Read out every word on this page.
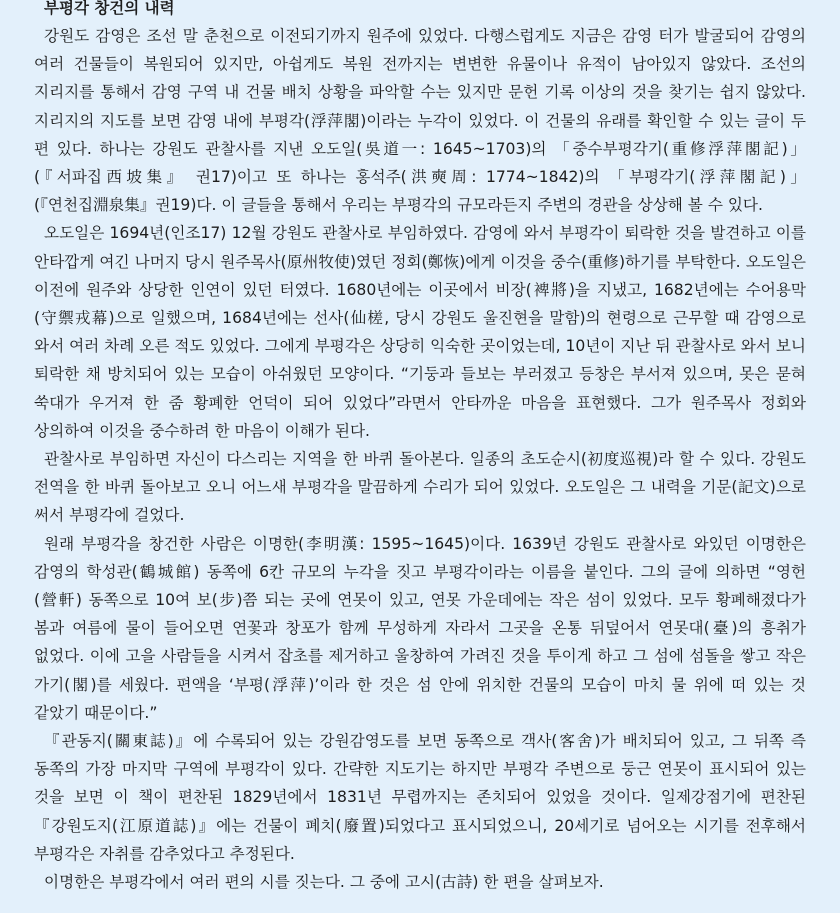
부평각 창건의 내력

강원도 감영은 조선 말 춘천으로 이전되기까지 원주에 있었다. 다행스럽게도 지금은 감영 터가 발굴되어 감영의 여러 건물들이 복원되어 있지만, 아쉽게도 복원 전까지는 변변한 유물이나 유적이 남아있지 않았다. 조선의 지리지를 통해서 감영 구역 내 건물 배치 상황을 파악할 수는 있지만 문헌 기록 이상의 것을 찾기는 쉽지 않았다. 지리지의 지도를 보면 감영 내에 부평각(浮萍閣)이라는 누각이 있었다. 이 건물의 유래를 확인할 수 있는 글이 두 편 있다. 하나는 강원도 관찰사를 지낸 오도일(吳道一: 1645~1703)의 「중수부평각기(重修浮萍閣記)」(『서파집西坡集』 권17)이고 또 하나는 홍석주(洪奭周: 1774~1842)의 「부평각기(浮萍閣記)」(『연천집淵泉集』권19)다. 이 글들을 통해서 우리는 부평각의 규모라든지 주변의 경관을 상상해 볼 수 있다.

오도일은 1694년(인조17) 12월 강원도 관찰사로 부임하였다. 감영에 와서 부평각이 퇴락한 것을 발견하고 이를 안타깝게 여긴 나머지 당시 원주목사(原州牧使)였던 정회(鄭恢)에게 이것을 중수(重修)하기를 부탁한다. 오도일은 이전에 원주와 상당한 인연이 있던 터였다. 1680년에는 이곳에서 비장(裨將)을 지냈고, 1682년에는 수어용막(守禦戎幕)으로 일했으며, 1684년에는 선사(仙槎, 당시 강원도 울진현을 말함)의 현령으로 근무할 때 감영으로 와서 여러 차례 오른 적도 있었다. 그에게 부평각은 상당히 익숙한 곳이었는데, 10년이 지난 뒤 관찰사로 와서 보니 퇴락한 채 방치되어 있는 모습이 아쉬웠던 모양이다. “기둥과 들보는 부러졌고 등창은 부서져 있으며, 못은 묻혀 쑥대가 우거져 한 줌 황폐한 언덕이 되어 있었다”라면서 안타까운 마음을 표현했다. 그가 원주목사 정회와 상의하여 이것을 중수하려 한 마음이 이해가 된다.

관찰사로 부임하면 자신이 다스리는 지역을 한 바퀴 돌아본다. 일종의 초도순시(初度巡視)라 할 수 있다. 강원도 전역을 한 바퀴 돌아보고 오니 어느새 부평각을 말끔하게 수리가 되어 있었다. 오도일은 그 내력을 기문(記文)으로 써서 부평각에 걸었다.

원래 부평각을 창건한 사람은 이명한(李明漢: 1595~1645)이다. 1639년 강원도 관찰사로 와있던 이명한은 감영의 학성관(鶴城館) 동쪽에 6칸 규모의 누각을 짓고 부평각이라는 이름을 붙인다. 그의 글에 의하면 “영헌(營軒) 동쪽으로 10여 보(步)쯤 되는 곳에 연못이 있고, 연못 가운데에는 작은 섬이 있었다. 모두 황폐해졌다가 봄과 여름에 물이 들어오면 연꽃과 창포가 함께 무성하게 자라서 그곳을 온통 뒤덮어서 연못대(臺)의 흥취가 없었다. 이에 고을 사람들을 시켜서 잡초를 제거하고 울창하여 가려진 것을 투이게 하고 그 섬에 섬돌을 쌓고 작은 가기(閣)를 세웠다. 편액을 ‘부평(浮萍)’이라 한 것은 섬 안에 위치한 건물의 모습이 마치 물 위에 떠 있는 것 같았기 때문이다.”

『관동지(關東誌)』에 수록되어 있는 강원감영도를 보면 동쪽으로 객사(客舍)가 배치되어 있고, 그 뒤쪽 즉 동쪽의 가장 마지막 구역에 부평각이 있다. 간략한 지도기는 하지만 부평각 주변으로 둥근 연못이 표시되어 있는 것을 보면 이 책이 편찬된 1829년에서 1831년 무렵까지는 존치되어 있었을 것이다. 일제강점기에 편찬된 『강원도지(江原道誌)』에는 건물이 폐치(廢置)되었다고 표시되었으니, 20세기로 넘어오는 시기를 전후해서 부평각은 자취를 감추었다고 추정된다.

이명한은 부평각에서 여러 편의 시를 짓는다. 그 중에 고시(古詩) 한 편을 살펴보자.
